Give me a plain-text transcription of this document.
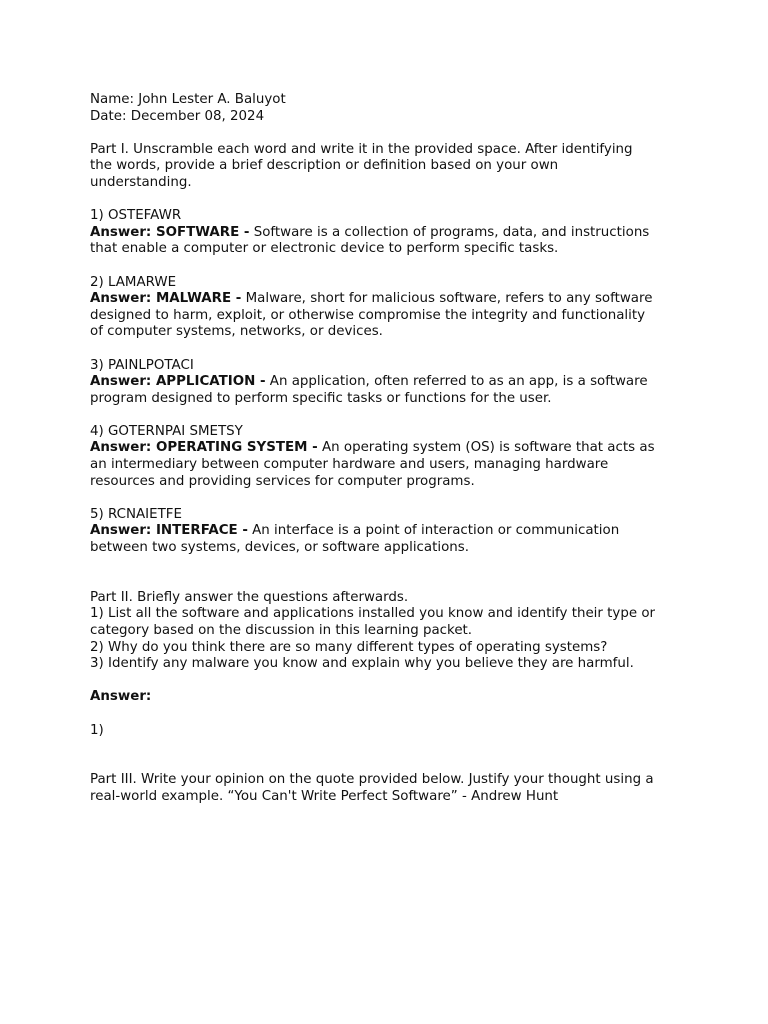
Name: John Lester A. Baluyot
Date: December 08, 2024
Part I. Unscramble each word and write it in the provided space. After identifying
the words, provide a brief description or definition based on your own
understanding.
1) OSTEFAWR
Answer: SOFTWARE - Software is a collection of programs, data, and instructions
that enable a computer or electronic device to perform specific tasks.
2) LAMARWE
Answer: MALWARE - Malware, short for malicious software, refers to any software
designed to harm, exploit, or otherwise compromise the integrity and functionality
of computer systems, networks, or devices.
3) PAINLPOTACI
Answer: APPLICATION - An application, often referred to as an app, is a software
program designed to perform specific tasks or functions for the user.
4) GOTERNPAI SMETSY
Answer: OPERATING SYSTEM - An operating system (OS) is software that acts as
an intermediary between computer hardware and users, managing hardware
resources and providing services for computer programs.
5) RCNAIETFE
Answer: INTERFACE - An interface is a point of interaction or communication
between two systems, devices, or software applications.
Part II. Briefly answer the questions afterwards.
1) List all the software and applications installed you know and identify their type or
category based on the discussion in this learning packet.
2) Why do you think there are so many different types of operating systems?
3) Identify any malware you know and explain why you believe they are harmful.
Answer:
1)
Part III. Write your opinion on the quote provided below. Justify your thought using a
real-world example. “You Can't Write Perfect Software” - Andrew Hunt
